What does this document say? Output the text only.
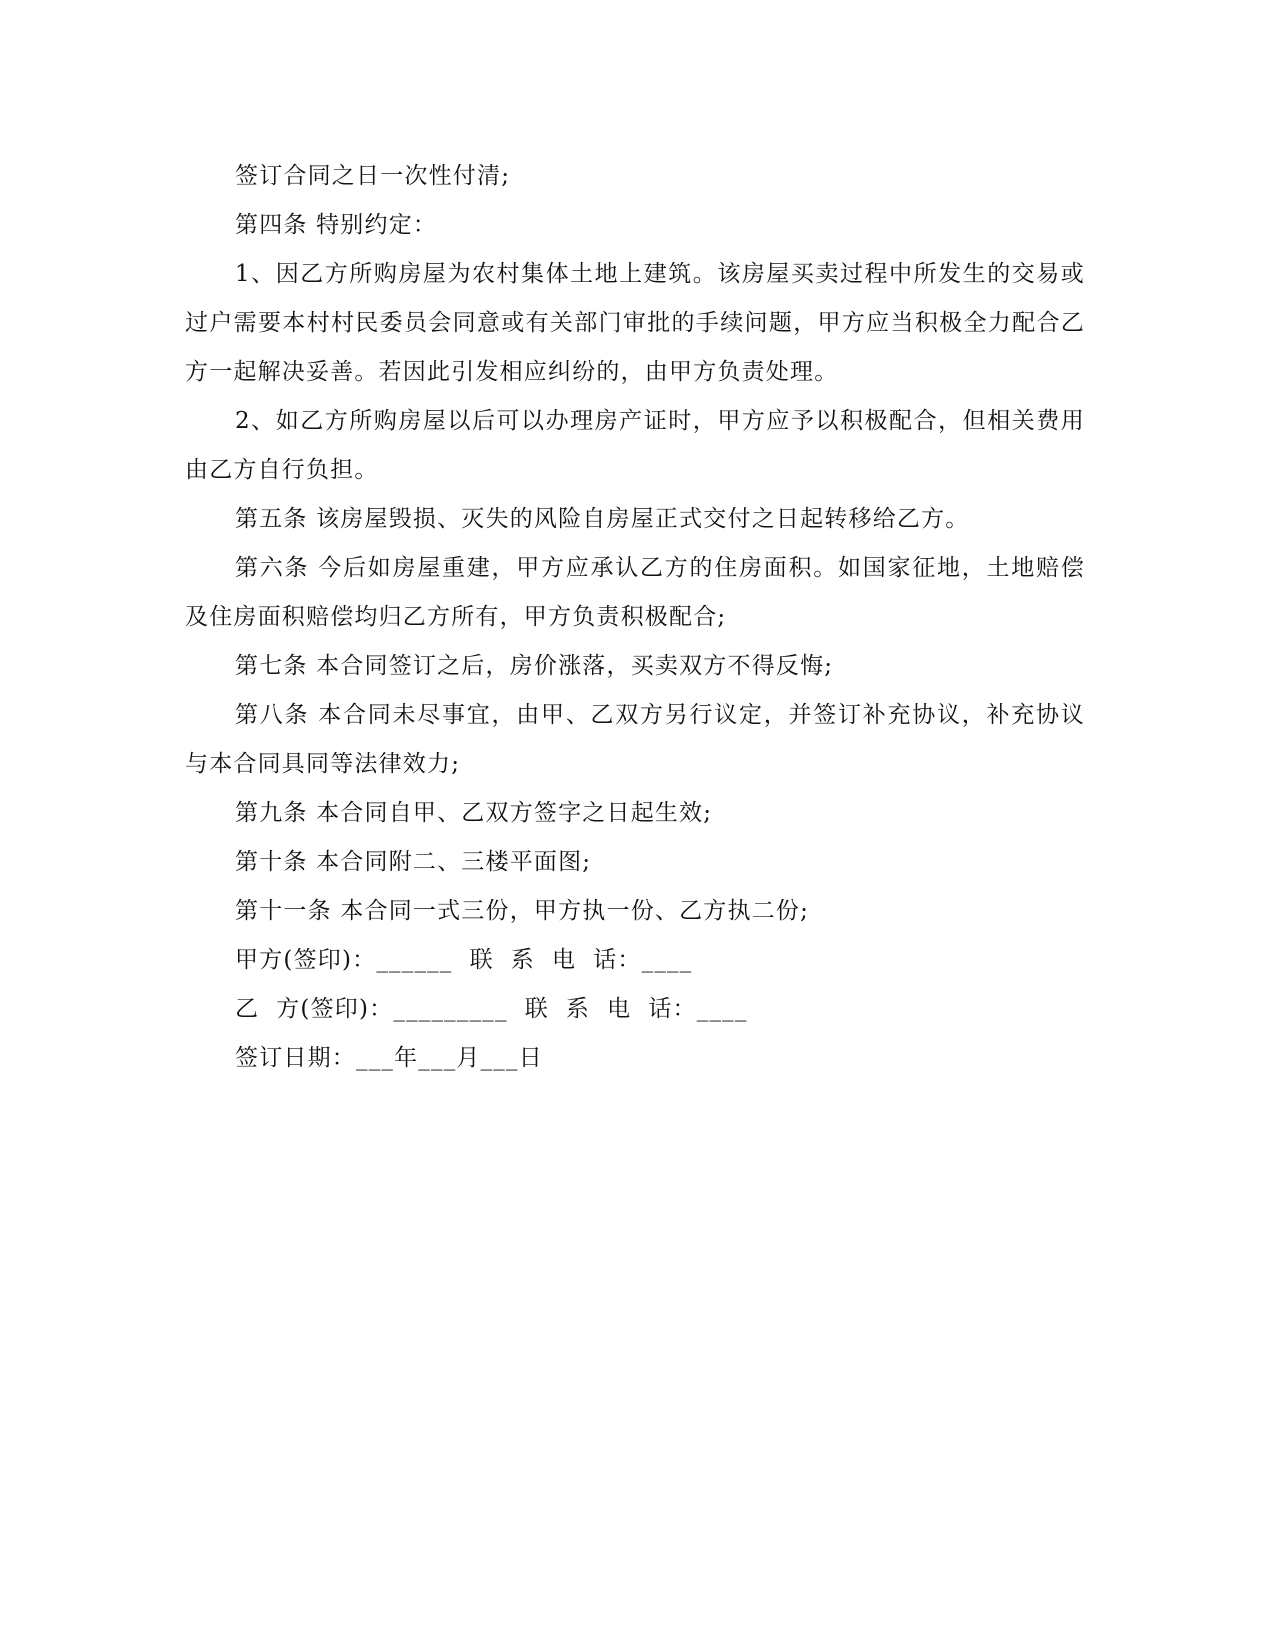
签订合同之日一次性付清;

第四条 特别约定：

1、因乙方所购房屋为农村集体土地上建筑。该房屋买卖过程中所发生的交易或过户需要本村村民委员会同意或有关部门审批的手续问题，甲方应当积极全力配合乙方一起解决妥善。若因此引发相应纠纷的，由甲方负责处理。

2、如乙方所购房屋以后可以办理房产证时，甲方应予以积极配合，但相关费用由乙方自行负担。

第五条 该房屋毁损、灭失的风险自房屋正式交付之日起转移给乙方。

第六条 今后如房屋重建，甲方应承认乙方的住房面积。如国家征地，土地赔偿及住房面积赔偿均归乙方所有，甲方负责积极配合;

第七条 本合同签订之后，房价涨落，买卖双方不得反悔;

第八条 本合同未尽事宜，由甲、乙双方另行议定，并签订补充协议，补充协议与本合同具同等法律效力;

第九条 本合同自甲、乙双方签字之日起生效;

第十条 本合同附二、三楼平面图;

第十一条 本合同一式三份，甲方执一份、乙方执二份;

甲方(签印)：______  联  系  电  话：____

乙  方(签印)：_________  联  系  电  话：____

签订日期：___年___月___日
